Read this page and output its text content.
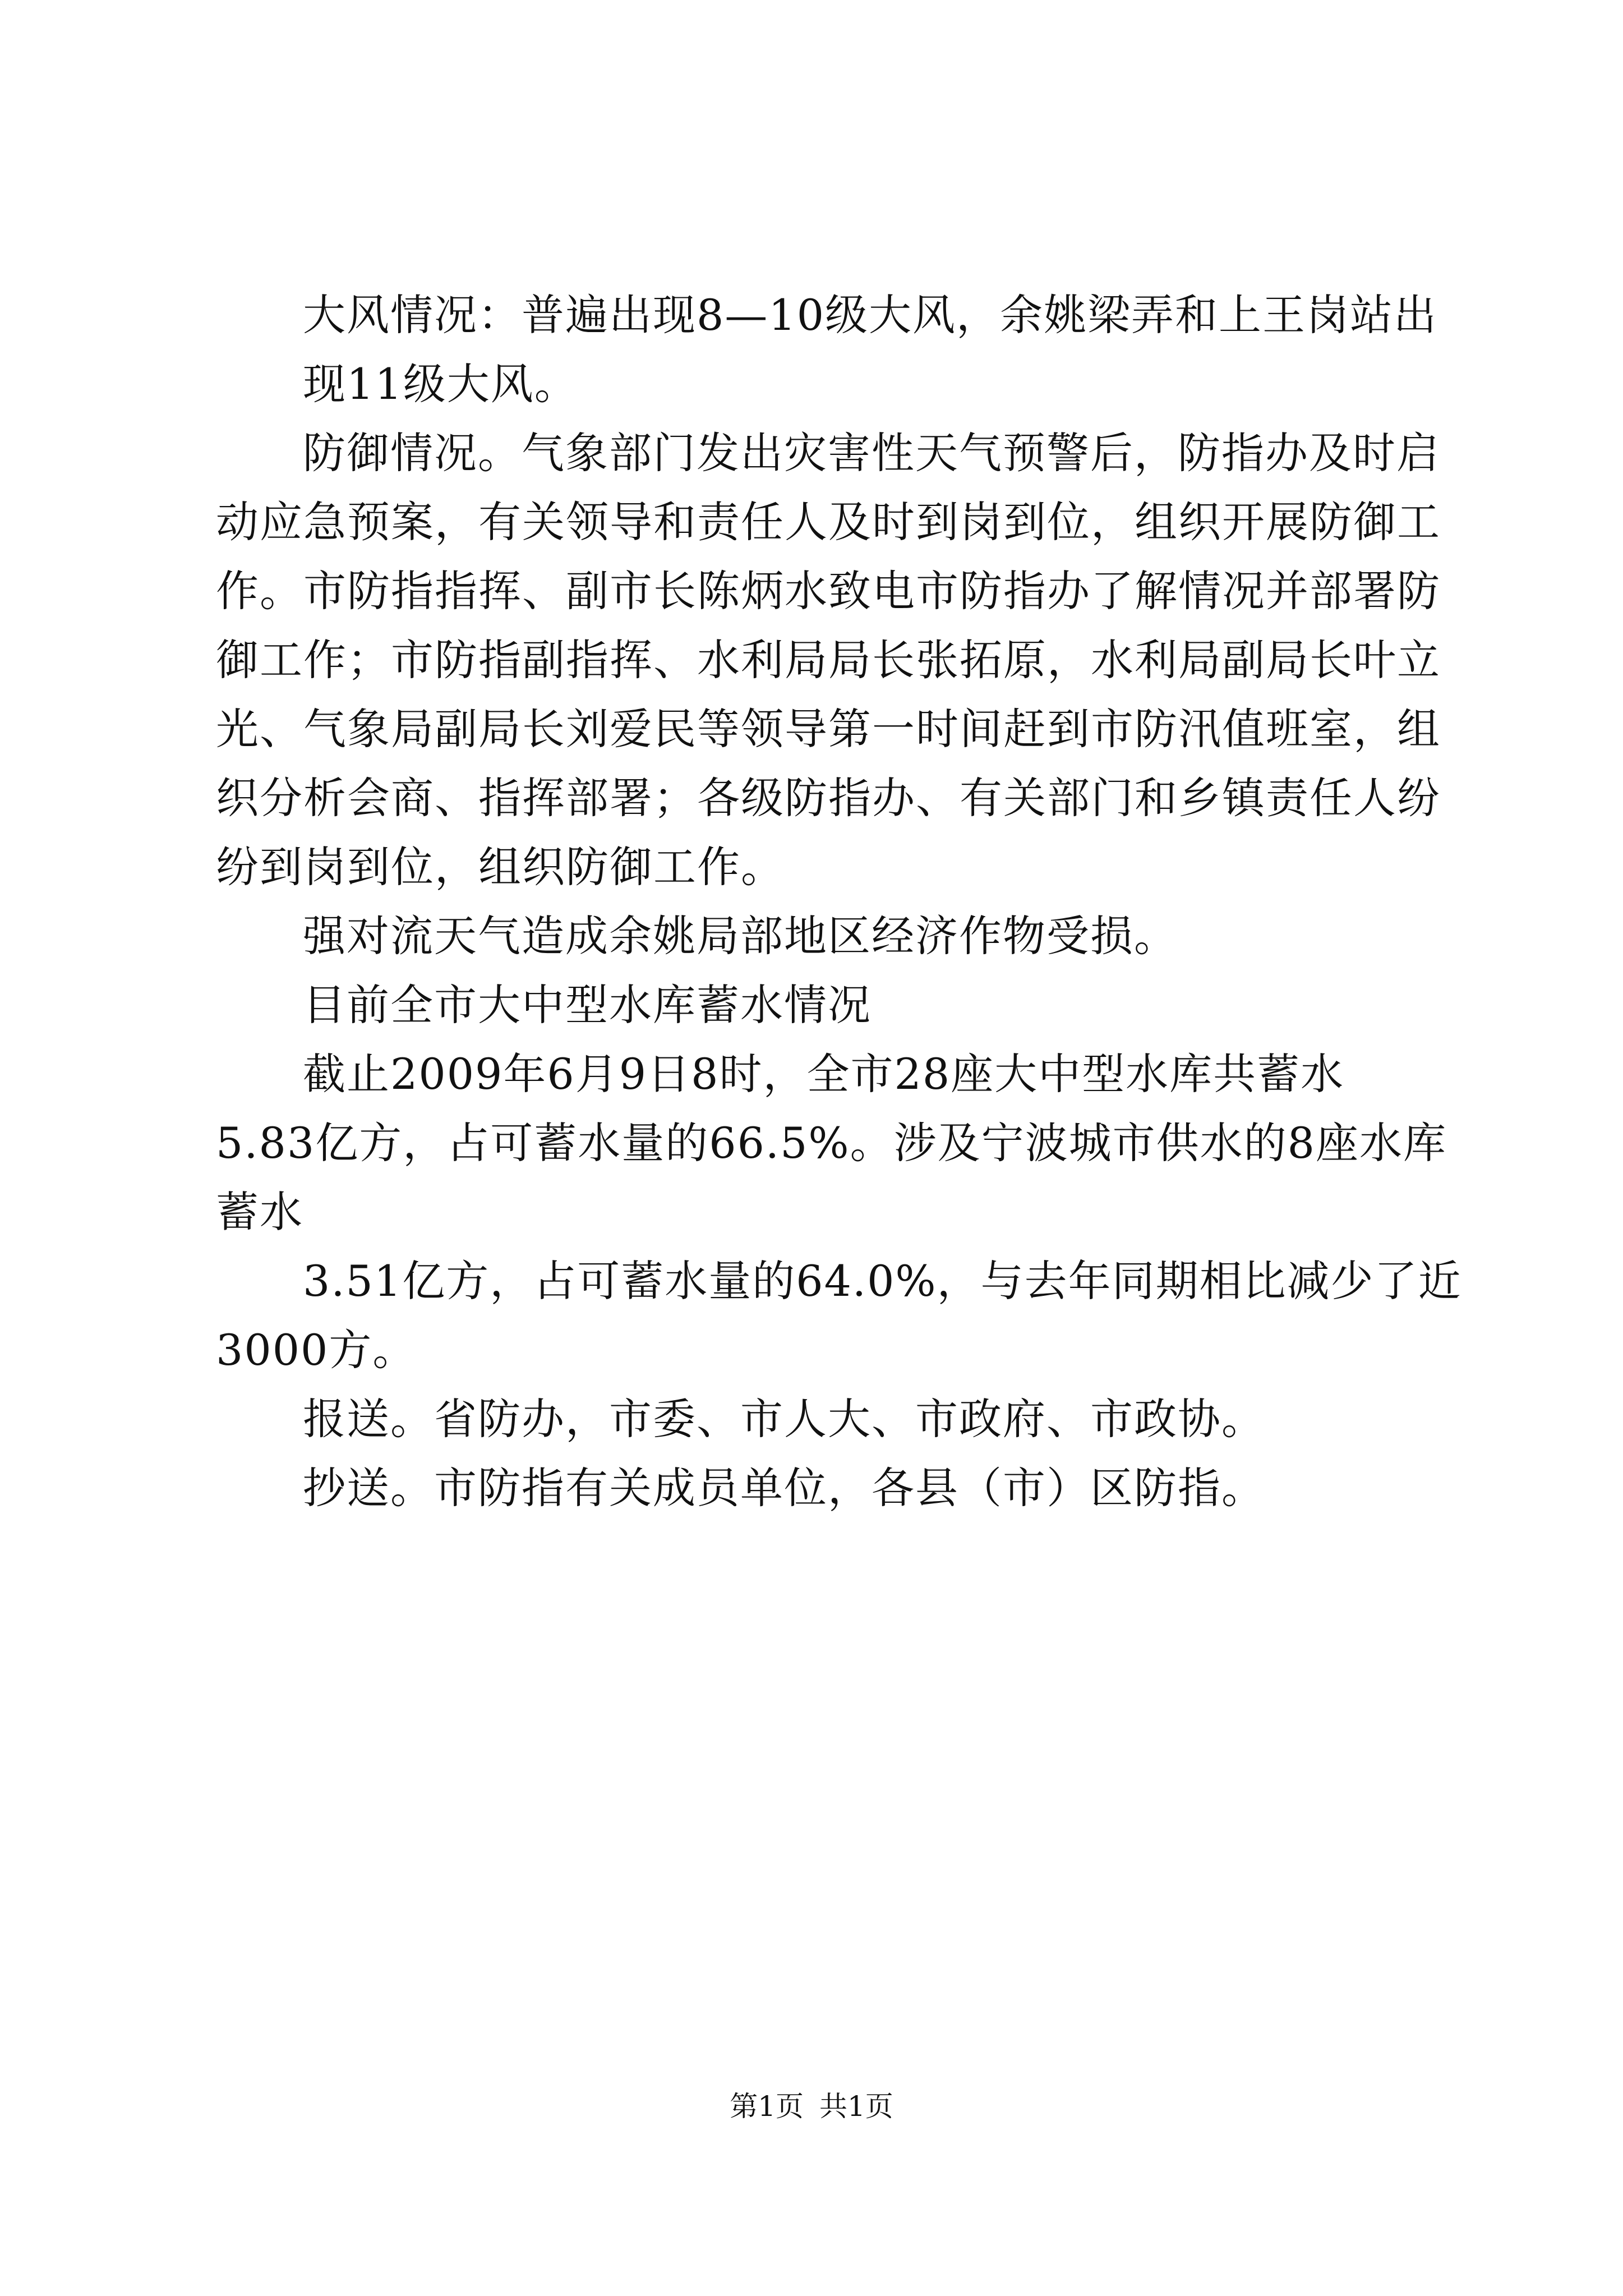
大风情况：普遍出现8—10级大风，余姚梁弄和上王岗站出
现11级大风。
防御情况。气象部门发出灾害性天气预警后，防指办及时启
动应急预案，有关领导和责任人及时到岗到位，组织开展防御工
作。市防指指挥、副市长陈炳水致电市防指办了解情况并部署防
御工作；市防指副指挥、水利局局长张拓原，水利局副局长叶立
光、气象局副局长刘爱民等领导第一时间赶到市防汛值班室，组
织分析会商、指挥部署；各级防指办、有关部门和乡镇责任人纷
纷到岗到位，组织防御工作。
强对流天气造成余姚局部地区经济作物受损。
目前全市大中型水库蓄水情况
截止2009年6月9日8时，全市28座大中型水库共蓄水
5.83亿方，占可蓄水量的66.5%。涉及宁波城市供水的8座水库
蓄水
3.51亿方，占可蓄水量的64.0%，与去年同期相比减少了近
3000方。
报送。省防办，市委、市人大、市政府、市政协。
抄送。市防指有关成员单位，各县（市）区防指。
第1页 共1页
